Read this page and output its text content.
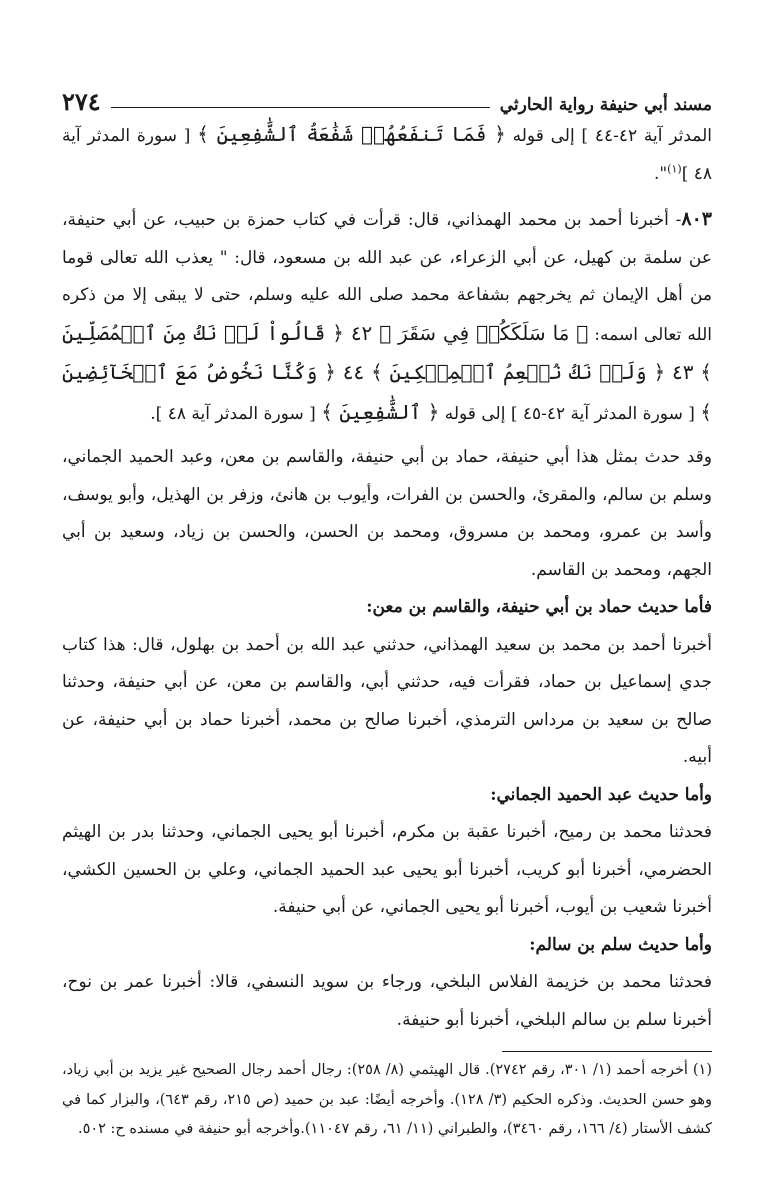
مسند أبي حنيفة رواية الحارثي
٢٧٤

المدثر آية ٤٢-٤٤ ] إلى قوله ﴿ فَمَا تَنفَعُهُمۡ شَفَٰعَةُ ٱلشَّٰفِعِينَ ﴾ [ سورة المدثر آية ٤٨ ]$^{(١)}$".

٨٠٣- أخبرنا أحمد بن محمد الهمذاني، قال: قرأت في كتاب حمزة بن حبيب، عن أبي حنيفة، عن سلمة بن كهيل، عن أبي الزعراء، عن عبد الله بن مسعود، قال: " يعذب الله تعالى قوما من أهل الإيمان ثم يخرجهم بشفاعة محمد صلى الله عليه وسلم، حتى لا يبقى إلا من ذكره الله تعالى اسمه: ﴿ مَا سَلَكَكُمۡ فِي سَقَرَ ﴾ ٤٢ ﴿ قَالُواْ لَمۡ نَكُ مِنَ ٱلۡمُصَلِّينَ ﴾ ٤٣ ﴿ وَلَمۡ نَكُ نُطۡعِمُ ٱلۡمِسۡكِينَ ﴾ ٤٤ ﴿ وَكُنَّا نَخُوضُ مَعَ ٱلۡخَآئِضِينَ ﴾ [ سورة المدثر آية ٤٢-٤٥ ] إلى قوله ﴿ ٱلشَّٰفِعِينَ ﴾ [ سورة المدثر آية ٤٨ ].

وقد حدث بمثل هذا أبي حنيفة، حماد بن أبي حنيفة، والقاسم بن معن، وعبد الحميد الجماني، وسلم بن سالم، والمقرئ، والحسن بن الفرات، وأيوب بن هانئ، وزفر بن الهذيل، وأبو يوسف، وأسد بن عمرو، ومحمد بن مسروق، ومحمد بن الحسن، والحسن بن زياد، وسعيد بن أبي الجهم، ومحمد بن القاسم.

فأما حديث حماد بن أبي حنيفة، والقاسم بن معن:

أخبرنا أحمد بن محمد بن سعيد الهمذاني، حدثني عبد الله بن أحمد بن بهلول، قال: هذا كتاب جدي إسماعيل بن حماد، فقرأت فيه، حدثني أبي، والقاسم بن معن، عن أبي حنيفة، وحدثنا صالح بن سعيد بن مرداس الترمذي، أخبرنا صالح بن محمد، أخبرنا حماد بن أبي حنيفة، عن أبيه.

وأما حديث عبد الحميد الجماني:

فحدثنا محمد بن رميح، أخبرنا عقبة بن مكرم، أخبرنا أبو يحيى الجماني، وحدثنا بدر بن الهيثم الحضرمي، أخبرنا أبو كريب، أخبرنا أبو يحيى عبد الحميد الجماني، وعلي بن الحسين الكشي، أخبرنا شعيب بن أيوب، أخبرنا أبو يحيى الجماني، عن أبي حنيفة.

وأما حديث سلم بن سالم:

فحدثنا محمد بن خزيمة الفلاس البلخي، ورجاء بن سويد النسفي، قالا: أخبرنا عمر بن نوح، أخبرنا سلم بن سالم البلخي، أخبرنا أبو حنيفة.

(١) أخرجه أحمد (١/ ٣٠١، رقم ٢٧٤٢). قال الهيثمي (٨/ ٢٥٨): رجال أحمد رجال الصحيح غير يزيد بن أبي زياد، وهو حسن الحديث. وذكره الحكيم (٣/ ١٢٨). وأخرجه أيضًا: عبد بن حميد (ص ٢١٥، رقم ٦٤٣)، والبزار كما في كشف الأستار (٤/ ١٦٦، رقم ٣٤٦٠)، والطبراني (١١/ ٦١، رقم ١١٠٤٧).وأخرجه أبو حنيفة في مسنده ح: ٥٠٢.
